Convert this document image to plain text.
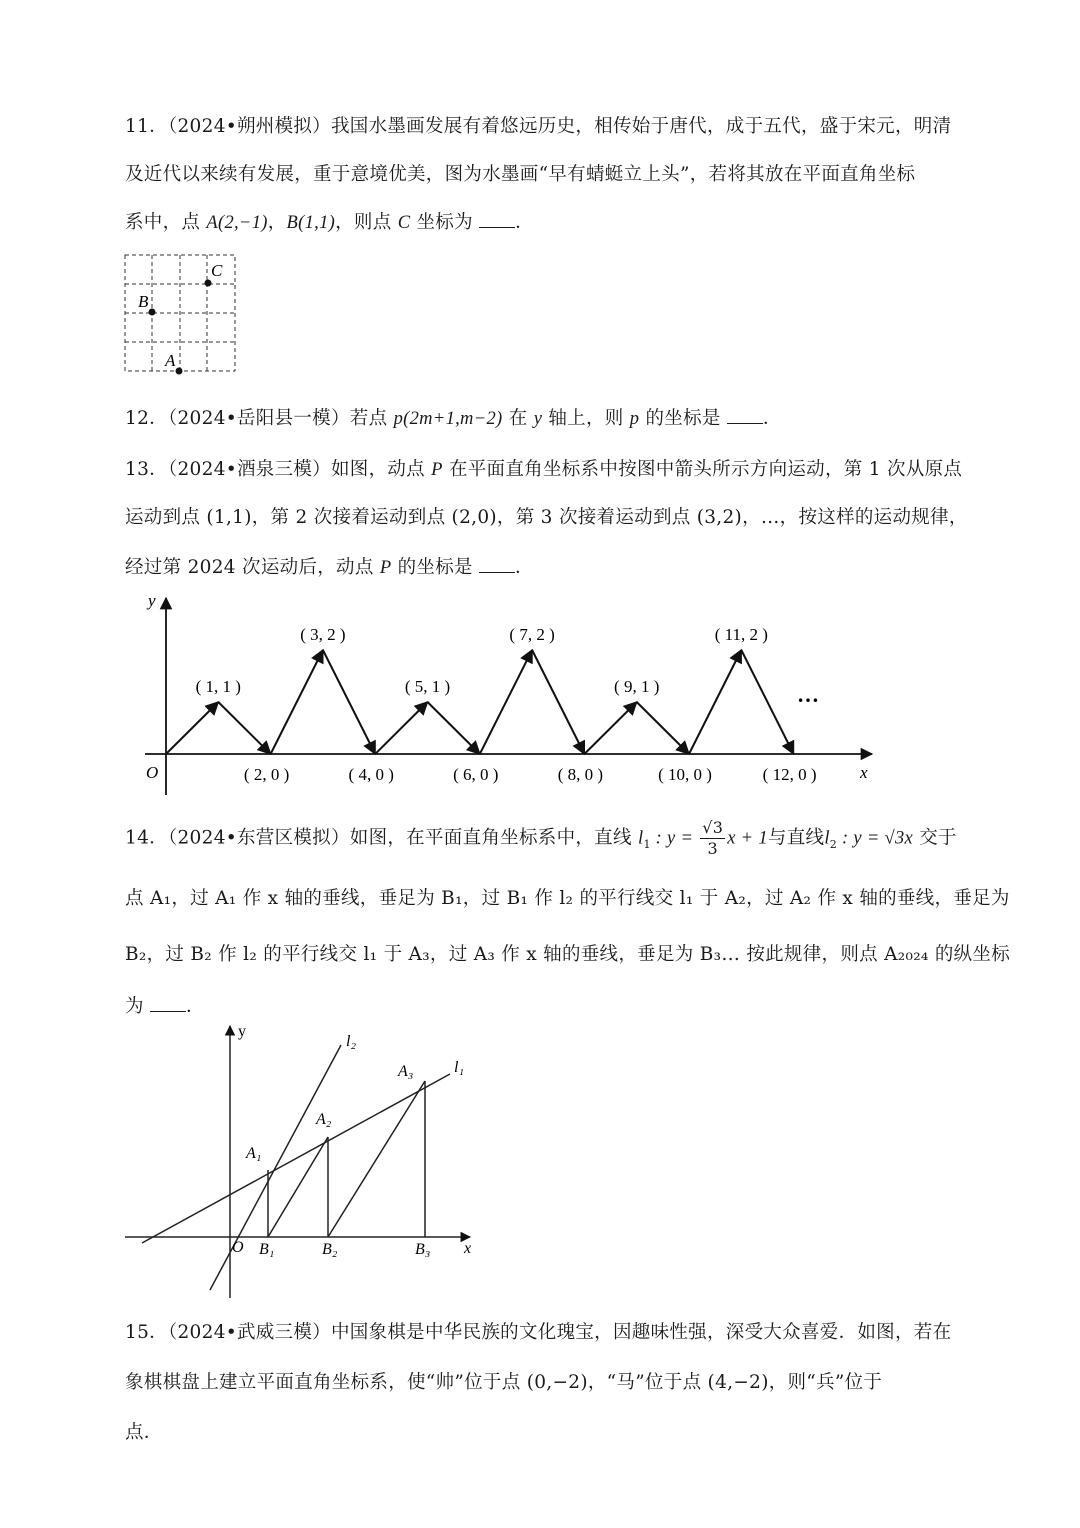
11．（2024•朔州模拟）我国水墨画发展有着悠远历史，相传始于唐代，成于五代，盛于宋元，明清
及近代以来续有发展，重于意境优美，图为水墨画“早有蜻蜓立上头”，若将其放在平面直角坐标
系中，点 A(2,−1)，B(1,1)，则点 C 坐标为 ．
C
B
A
12．（2024•岳阳县一模）若点 p(2m+1,m−2) 在 y 轴上，则 p 的坐标是 ．
13．（2024•酒泉三模）如图，动点 P 在平面直角坐标系中按图中箭头所示方向运动，第 1 次从原点
运动到点 (1,1)，第 2 次接着运动到点 (2,0)，第 3 次接着运动到点 (3,2)，…，按这样的运动规律，
经过第 2024 次运动后，动点 P 的坐标是 ．
y
x
O
( 1, 1 )
( 2, 0 )
( 3, 2 )
( 4, 0 )
( 5, 1 )
( 6, 0 )
( 7, 2 )
( 8, 0 )
( 9, 1 )
( 10, 0 )
( 11, 2 )
( 12, 0 )
…
14．（2024•东营区模拟）如图，在平面直角坐标系中，直线 $l_1$ : $y = \frac{√3}{3}$ x + 1与直线$l_2$ : y = √3x 交于
点 A₁，过 A₁ 作 x 轴的垂线，垂足为 B₁，过 B₁ 作 l₂ 的平行线交 l₁ 于 A₂，过 A₂ 作 x 轴的垂线，垂足为
B₂，过 B₂ 作 l₂ 的平行线交 l₁ 于 A₃，过 A₃ 作 x 轴的垂线，垂足为 B₃… 按此规律，则点 A₂₀₂₄ 的纵坐标
为 ．
y
x
O
l₂
l₁
A₁
A₂
A₃
B₁	B₂	B₃
15．（2024•武威三模）中国象棋是中华民族的文化瑰宝，因趣味性强，深受大众喜爱．如图，若在
象棋棋盘上建立平面直角坐标系，使“帅”位于点 (0,−2)，“马”位于点 (4,−2)，则“兵”位于
点．
